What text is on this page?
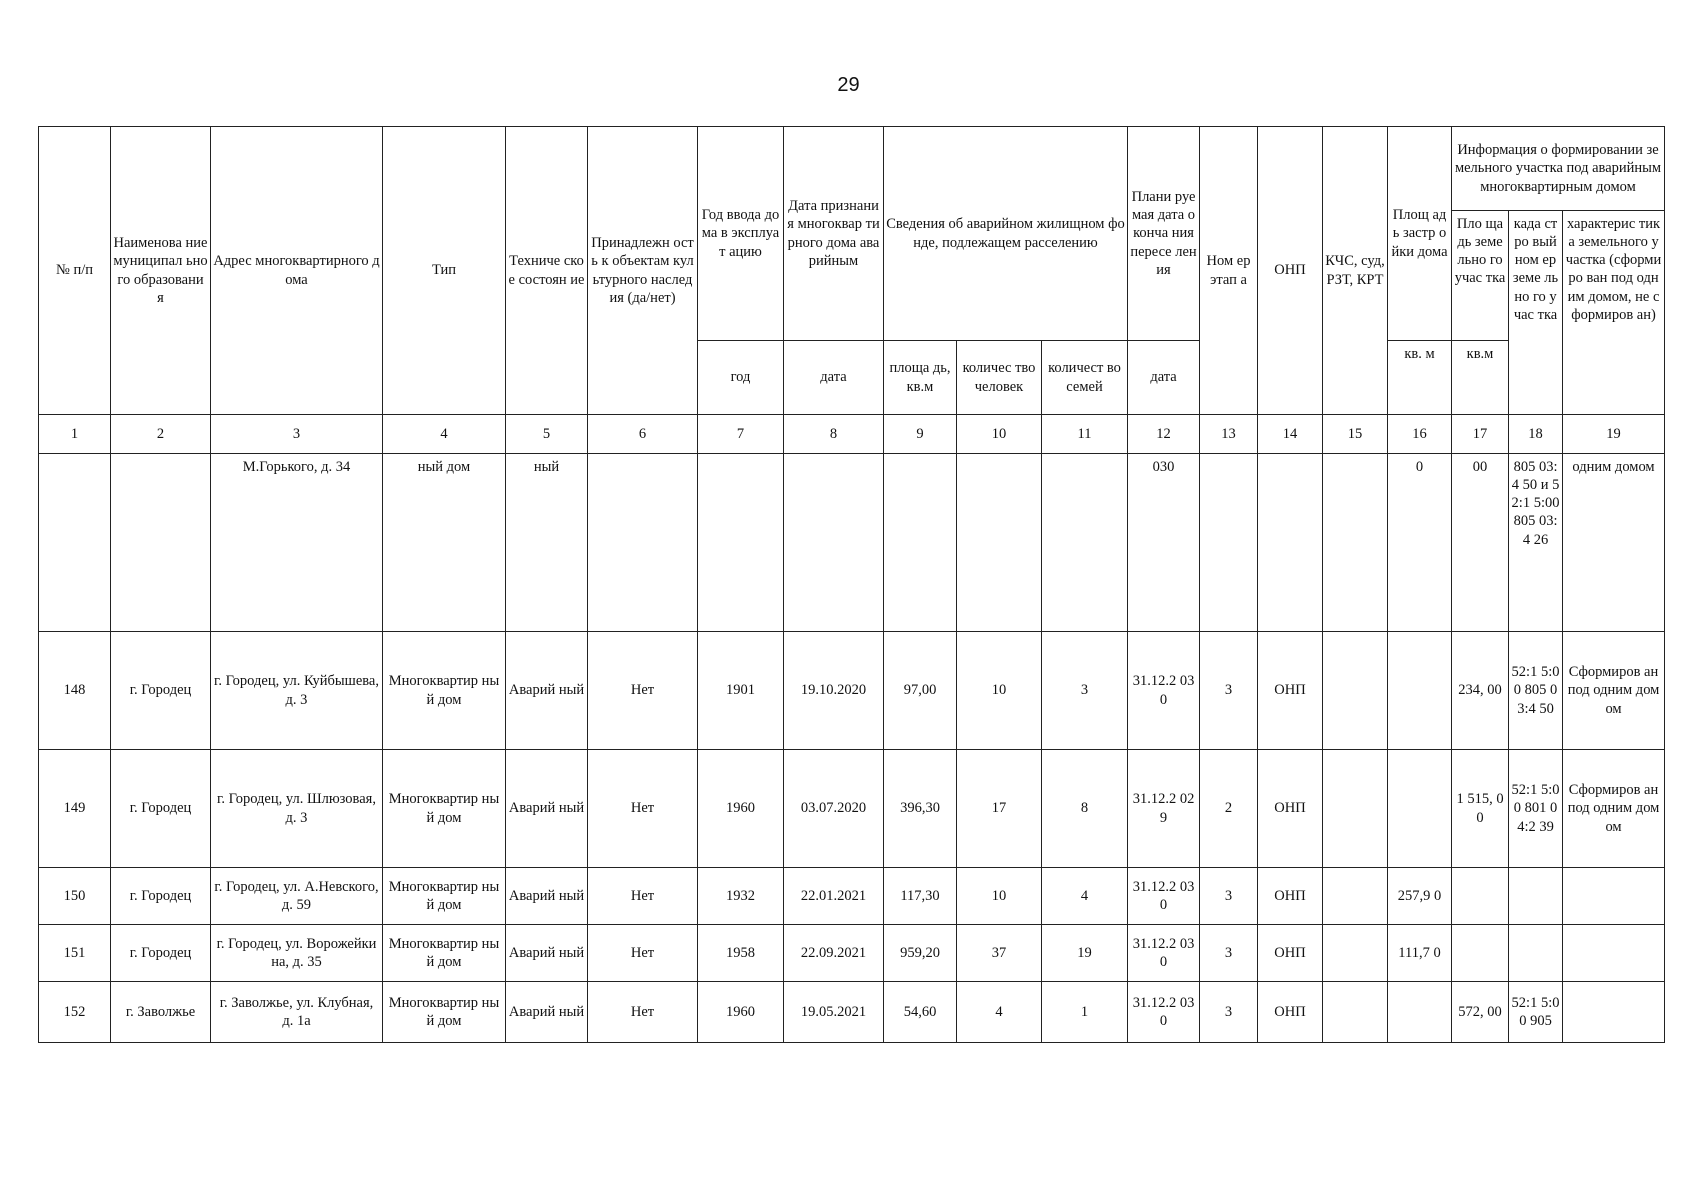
29
№ п/п	Наименова ние муниципал ьного образовани я	Адрес многоквартирного дома	Тип	Техниче ское состоян ие	Принадлежн ость к объектам культурного наследия (да/нет)	Год ввода дома в эксплуат ацию	Дата признания многоквар тирного дома аварийным	Сведения об аварийном жилищном фонде, подлежащем расселению			Плани руемая дата оконча ния пересе ления	Ном ер этап а	ОНП	КЧС, суд, РЗТ, КРТ	Площ адь застр ойки дома	Информация о формировании земельного участка под аварийным многоквартирным домом		
																Пло щадь земе льно го учас тка	када стро вый ном ер земе льно го учас тка	характерис тика земельного участка (сформиро ван под одним домом, не сформиров ан)
						год	дата	площа дь, кв.м	количес тво человек	количест во семей	дата				кв. м	кв.м		
1	2	3	4	5	6	7	8	9	10	11	12	13	14	15	16	17	18	19
		М.Горького, д. 34	ный дом	ный							030				0	00	805 03:4 50 и 52:1 5:00 805 03:4 26	одним домом
148	г. Городец	г. Городец, ул. Куйбышева, д. 3	Многоквартир ный дом	Аварий ный	Нет	1901	19.10.2020	97,00	10	3	31.12.2 030	3	ОНП			234, 00	52:1 5:00 805 03:4 50	Сформиров ан под одним домом
149	г. Городец	г. Городец, ул. Шлюзовая, д. 3	Многоквартир ный дом	Аварий ный	Нет	1960	03.07.2020	396,30	17	8	31.12.2 029	2	ОНП			1 515, 00	52:1 5:00 801 04:2 39	Сформиров ан под одним домом
150	г. Городец	г. Городец, ул. А.Невского, д. 59	Многоквартир ный дом	Аварий ный	Нет	1932	22.01.2021	117,30	10	4	31.12.2 030	3	ОНП		257,9 0			
151	г. Городец	г. Городец, ул. Ворожейкина, д. 35	Многоквартир ный дом	Аварий ный	Нет	1958	22.09.2021	959,20	37	19	31.12.2 030	3	ОНП		111,7 0			
152	г. Заволжье	г. Заволжье, ул. Клубная, д. 1а	Многоквартир ный дом	Аварий ный	Нет	1960	19.05.2021	54,60	4	1	31.12.2 030	3	ОНП			572, 00	52:1 5:00 905	
